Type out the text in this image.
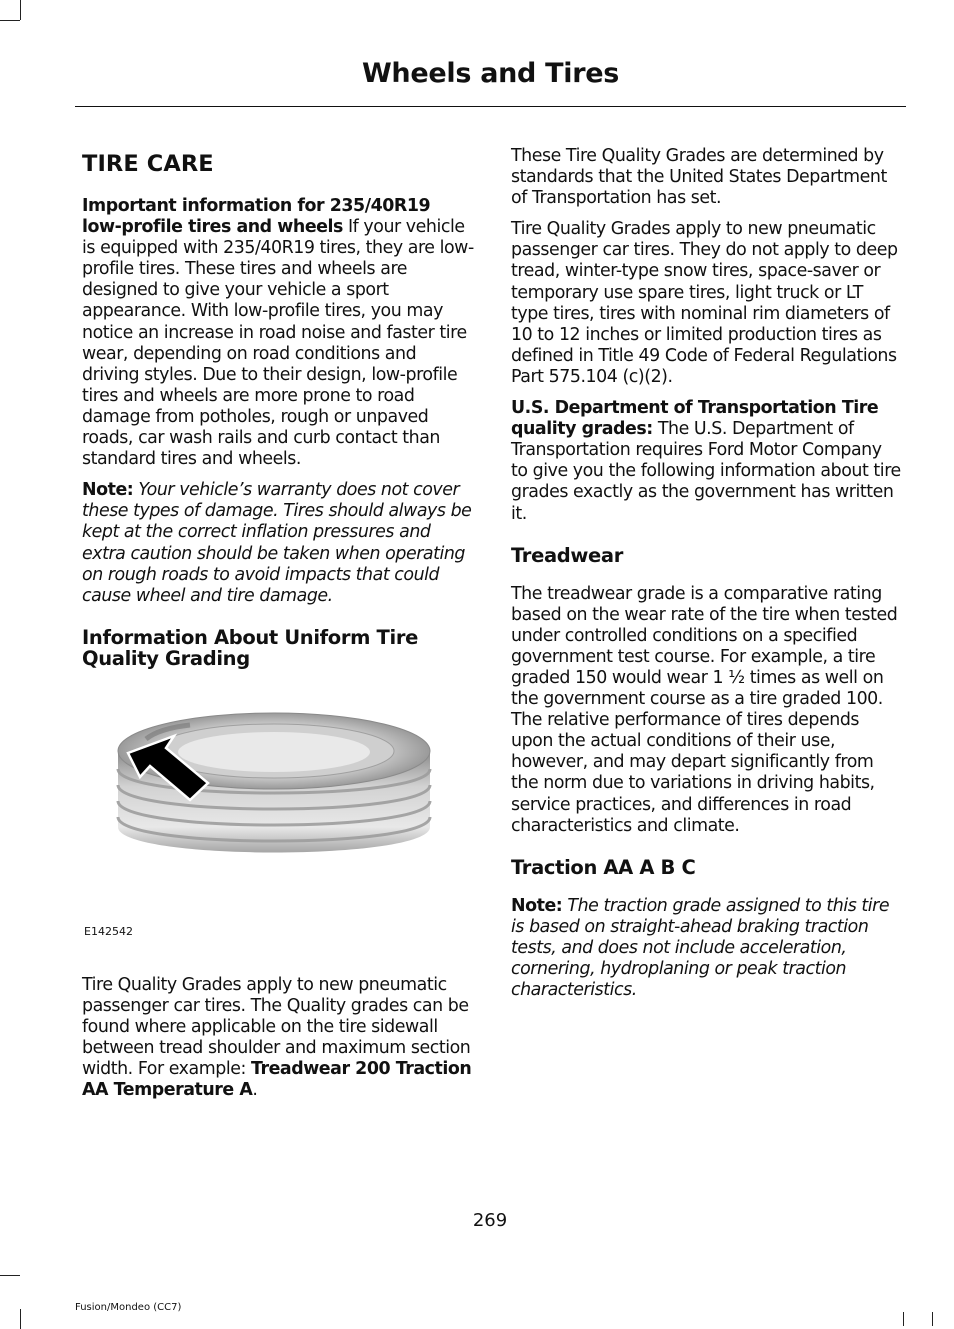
Wheels and Tires
TIRE CARE

Important information for 235/40R19 low-profile tires and wheels If your vehicle is equipped with 235/40R19 tires, they are low-profile tires. These tires and wheels are designed to give your vehicle a sport appearance. With low-profile tires, you may notice an increase in road noise and faster tire wear, depending on road conditions and driving styles. Due to their design, low-profile tires and wheels are more prone to road damage from potholes, rough or unpaved roads, car wash rails and curb contact than standard tires and wheels.

Note: Your vehicle’s warranty does not cover these types of damage. Tires should always be kept at the correct inflation pressures and extra caution should be taken when operating on rough roads to avoid impacts that could cause wheel and tire damage.

Information About Uniform Tire Quality Grading
E142542

Tire Quality Grades apply to new pneumatic passenger car tires. The Quality grades can be found where applicable on the tire sidewall between tread shoulder and maximum section width. For example: Treadwear 200 Traction AA Temperature A.

These Tire Quality Grades are determined by standards that the United States Department of Transportation has set.

Tire Quality Grades apply to new pneumatic passenger car tires. They do not apply to deep tread, winter-type snow tires, space-saver or temporary use spare tires, light truck or LT type tires, tires with nominal rim diameters of 10 to 12 inches or limited production tires as defined in Title 49 Code of Federal Regulations Part 575.104 (c)(2).

U.S. Department of Transportation Tire quality grades: The U.S. Department of Transportation requires Ford Motor Company to give you the following information about tire grades exactly as the government has written it.

Treadwear

The treadwear grade is a comparative rating based on the wear rate of the tire when tested under controlled conditions on a specified government test course. For example, a tire graded 150 would wear 1 ½ times as well on the government course as a tire graded 100. The relative performance of tires depends upon the actual conditions of their use, however, and may depart significantly from the norm due to variations in driving habits, service practices, and differences in road characteristics and climate.

Traction AA A B C

Note: The traction grade assigned to this tire is based on straight-ahead braking traction tests, and does not include acceleration, cornering, hydroplaning or peak traction characteristics.

269
Fusion/Mondeo (CC7)
